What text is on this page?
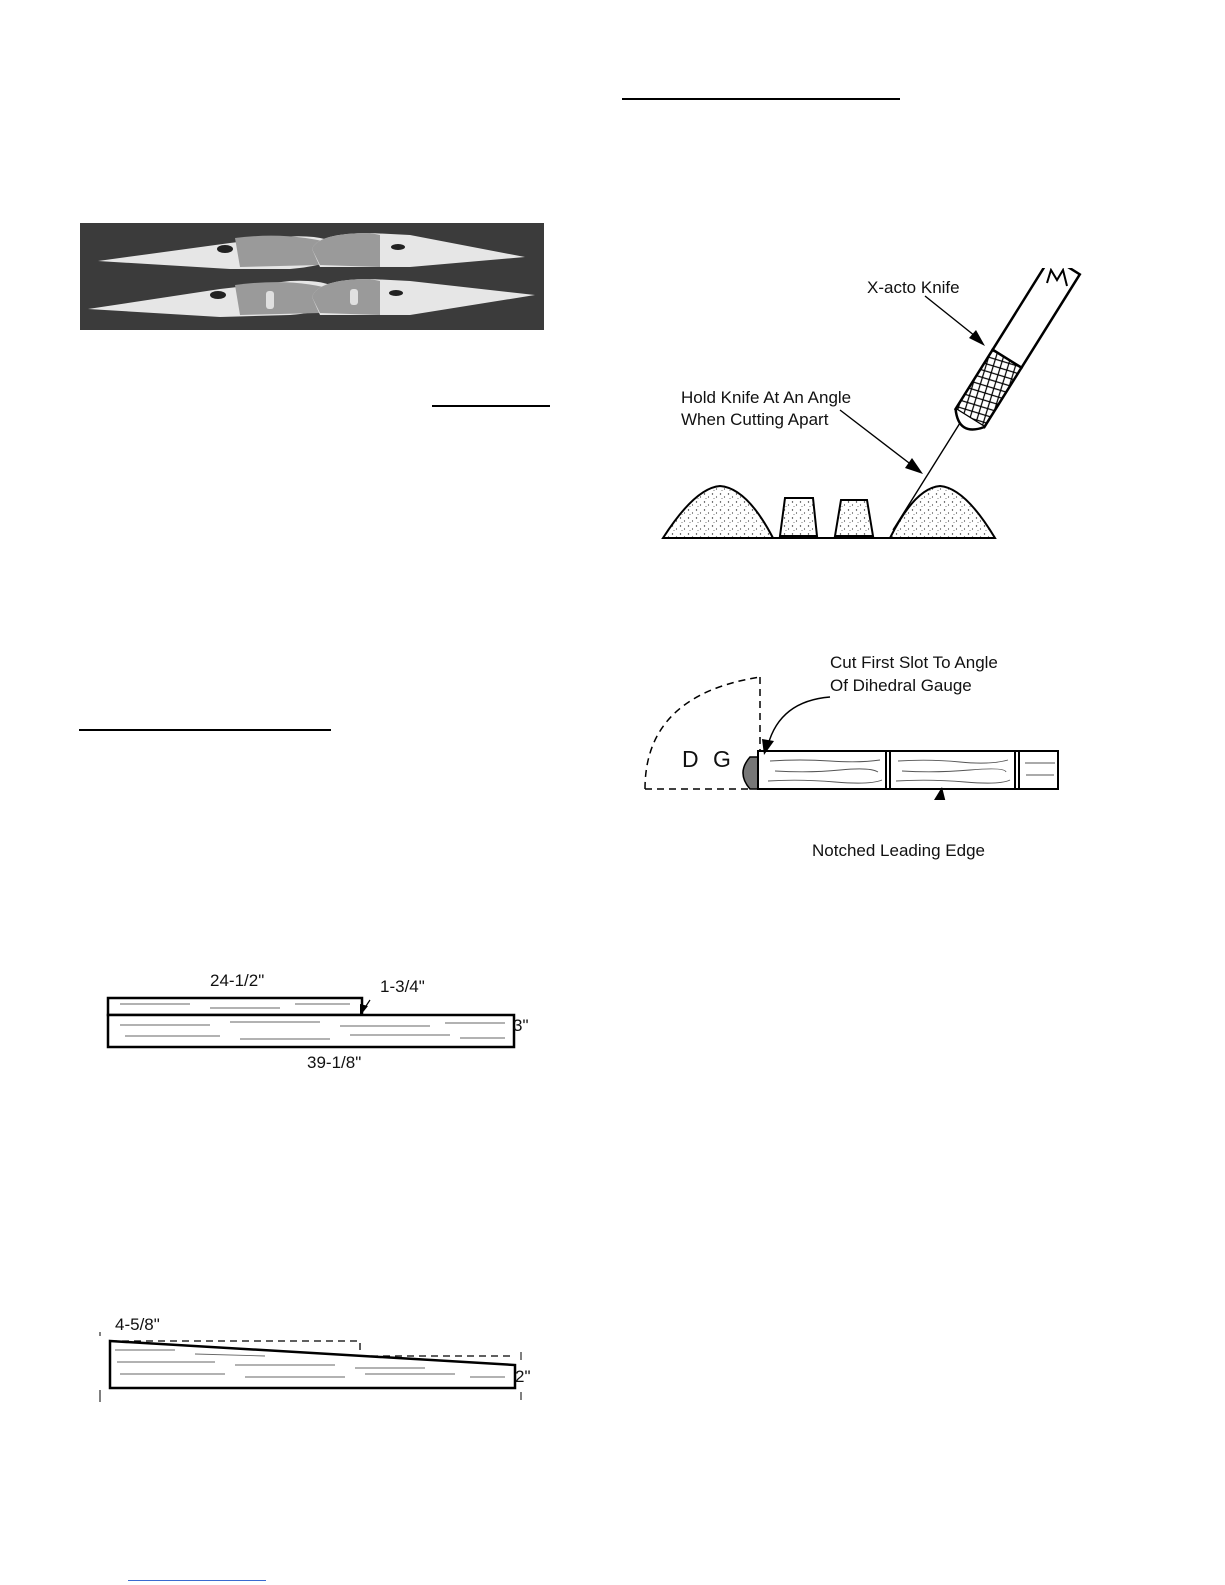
X-acto Knife
Hold Knife At An Angle
When Cutting Apart
D G
Cut First Slot To Angle
Of Dihedral Gauge
Notched Leading Edge
24-1/2"	1-3/4"
3"
39-1/8"
4-5/8"
2"
